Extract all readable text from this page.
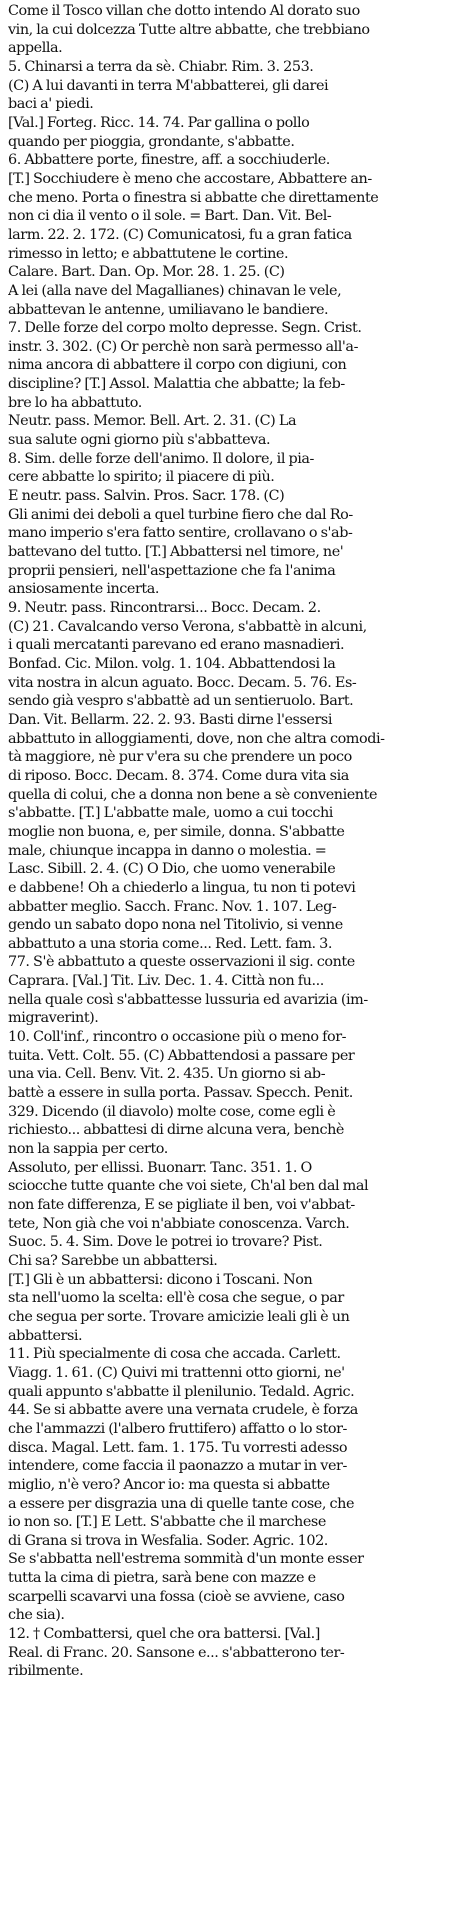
Come il Tosco villan che dotto intendo Al dorato suo
vin, la cui dolcezza Tutte altre abbatte, che trebbiano
appella.
5. Chinarsi a terra da sè. Chiabr. Rim. 3. 253.
(C) A lui davanti in terra M'abbatterei, gli darei
baci a' piedi.
[Val.] Forteg. Ricc. 14. 74. Par gallina o pollo
quando per pioggia, grondante, s'abbatte.
6. Abbattere porte, finestre, aff. a socchiuderle.
[T.] Socchiudere è meno che accostare, Abbattere an-
che meno. Porta o finestra si abbatte che direttamente
non ci dia il vento o il sole. = Bart. Dan. Vit. Bel-
larm. 22. 2. 172. (C) Comunicatosi, fu a gran fatica
rimesso in letto; e abbattutene le cortine.
Calare. Bart. Dan. Op. Mor. 28. 1. 25. (C)
A lei (alla nave del Magallianes) chinavan le vele,
abbattevan le antenne, umiliavano le bandiere.
7. Delle forze del corpo molto depresse. Segn. Crist.
instr. 3. 302. (C) Or perchè non sarà permesso all'a-
nima ancora di abbattere il corpo con digiuni, con
discipline? [T.] Assol. Malattia che abbatte; la feb-
bre lo ha abbattuto.
Neutr. pass. Memor. Bell. Art. 2. 31. (C) La
sua salute ogni giorno più s'abbatteva.
8. Sim. delle forze dell'animo. Il dolore, il pia-
cere abbatte lo spirito; il piacere di più.
E neutr. pass. Salvin. Pros. Sacr. 178. (C)
Gli animi dei deboli a quel turbine fiero che dal Ro-
mano imperio s'era fatto sentire, crollavano o s'ab-
battevano del tutto. [T.] Abbattersi nel timore, ne'
proprii pensieri, nell'aspettazione che fa l'anima
ansiosamente incerta.
9. Neutr. pass. Rincontrarsi... Bocc. Decam. 2.
(C) 21. Cavalcando verso Verona, s'abbattè in alcuni,
i quali mercatanti parevano ed erano masnadieri.
Bonfad. Cic. Milon. volg. 1. 104. Abbattendosi la
vita nostra in alcun aguato. Bocc. Decam. 5. 76. Es-
sendo già vespro s'abbattè ad un sentieruolo. Bart.
Dan. Vit. Bellarm. 22. 2. 93. Basti dirne l'essersi
abbattuto in alloggiamenti, dove, non che altra comodi-
tà maggiore, nè pur v'era su che prendere un poco
di riposo. Bocc. Decam. 8. 374. Come dura vita sia
quella di colui, che a donna non bene a sè conveniente
s'abbatte. [T.] L'abbatte male, uomo a cui tocchi
moglie non buona, e, per simile, donna. S'abbatte
male, chiunque incappa in danno o molestia. =
Lasc. Sibill. 2. 4. (C) O Dio, che uomo venerabile
e dabbene! Oh a chiederlo a lingua, tu non ti potevi
abbatter meglio. Sacch. Franc. Nov. 1. 107. Leg-
gendo un sabato dopo nona nel Titolivio, si venne
abbattuto a una storia come... Red. Lett. fam. 3.
77. S'è abbattuto a queste osservazioni il sig. conte
Caprara. [Val.] Tit. Liv. Dec. 1. 4. Città non fu...
nella quale così s'abbattesse lussuria ed avarizia (im-
migraverint).
10. Coll'inf., rincontro o occasione più o meno for-
tuita. Vett. Colt. 55. (C) Abbattendosi a passare per
una via. Cell. Benv. Vit. 2. 435. Un giorno si ab-
battè a essere in sulla porta. Passav. Specch. Penit.
329. Dicendo (il diavolo) molte cose, come egli è
richiesto... abbattesi di dirne alcuna vera, benchè
non la sappia per certo.
Assoluto, per ellissi. Buonarr. Tanc. 351. 1. O
sciocche tutte quante che voi siete, Ch'al ben dal mal
non fate differenza, E se pigliate il ben, voi v'abbat-
tete, Non già che voi n'abbiate conoscenza. Varch.
Suoc. 5. 4. Sim. Dove le potrei io trovare? Pist.
Chi sa? Sarebbe un abbattersi.
[T.] Gli è un abbattersi: dicono i Toscani. Non
sta nell'uomo la scelta: ell'è cosa che segue, o par
che segua per sorte. Trovare amicizie leali gli è un
abbattersi.
11. Più specialmente di cosa che accada. Carlett.
Viagg. 1. 61. (C) Quivi mi trattenni otto giorni, ne'
quali appunto s'abbatte il plenilunio. Tedald. Agric.
44. Se si abbatte avere una vernata crudele, è forza
che l'ammazzi (l'albero fruttifero) affatto o lo stor-
disca. Magal. Lett. fam. 1. 175. Tu vorresti adesso
intendere, come faccia il paonazzo a mutar in ver-
miglio, n'è vero? Ancor io: ma questa si abbatte
a essere per disgrazia una di quelle tante cose, che
io non so. [T.] E Lett. S'abbatte che il marchese
di Grana si trova in Wesfalia. Soder. Agric. 102.
Se s'abbatta nell'estrema sommità d'un monte esser
tutta la cima di pietra, sarà bene con mazze e
scarpelli scavarvi una fossa (cioè se avviene, caso
che sia).
12. † Combattersi, quel che ora battersi. [Val.]
Real. di Franc. 20. Sansone e... s'abbatterono ter-
ribilmente.
